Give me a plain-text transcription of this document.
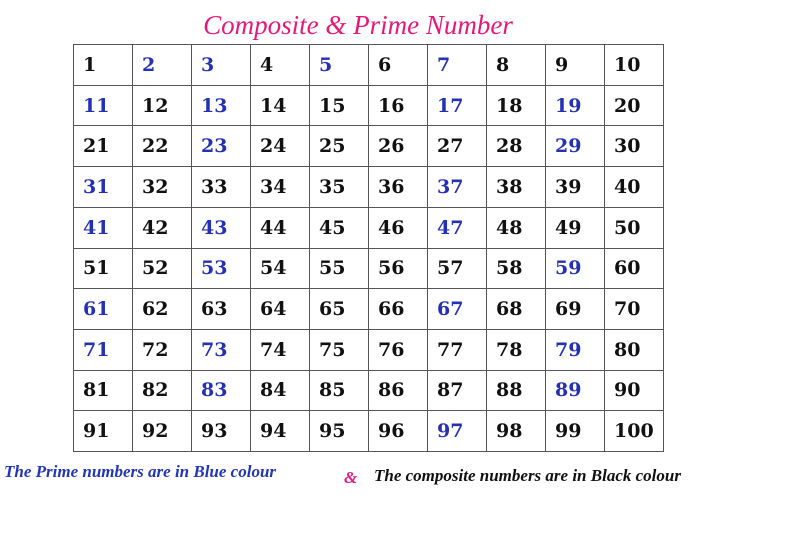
Composite & Prime Number
1	2	3	4	5	6	7	8	9	10
11	12	13	14	15	16	17	18	19	20
21	22	23	24	25	26	27	28	29	30
31	32	33	34	35	36	37	38	39	40
41	42	43	44	45	46	47	48	49	50
51	52	53	54	55	56	57	58	59	60
61	62	63	64	65	66	67	68	69	70
71	72	73	74	75	76	77	78	79	80
81	82	83	84	85	86	87	88	89	90
91	92	93	94	95	96	97	98	99	100
The Prime numbers are in Blue colour	& The composite numbers are in Black colour
